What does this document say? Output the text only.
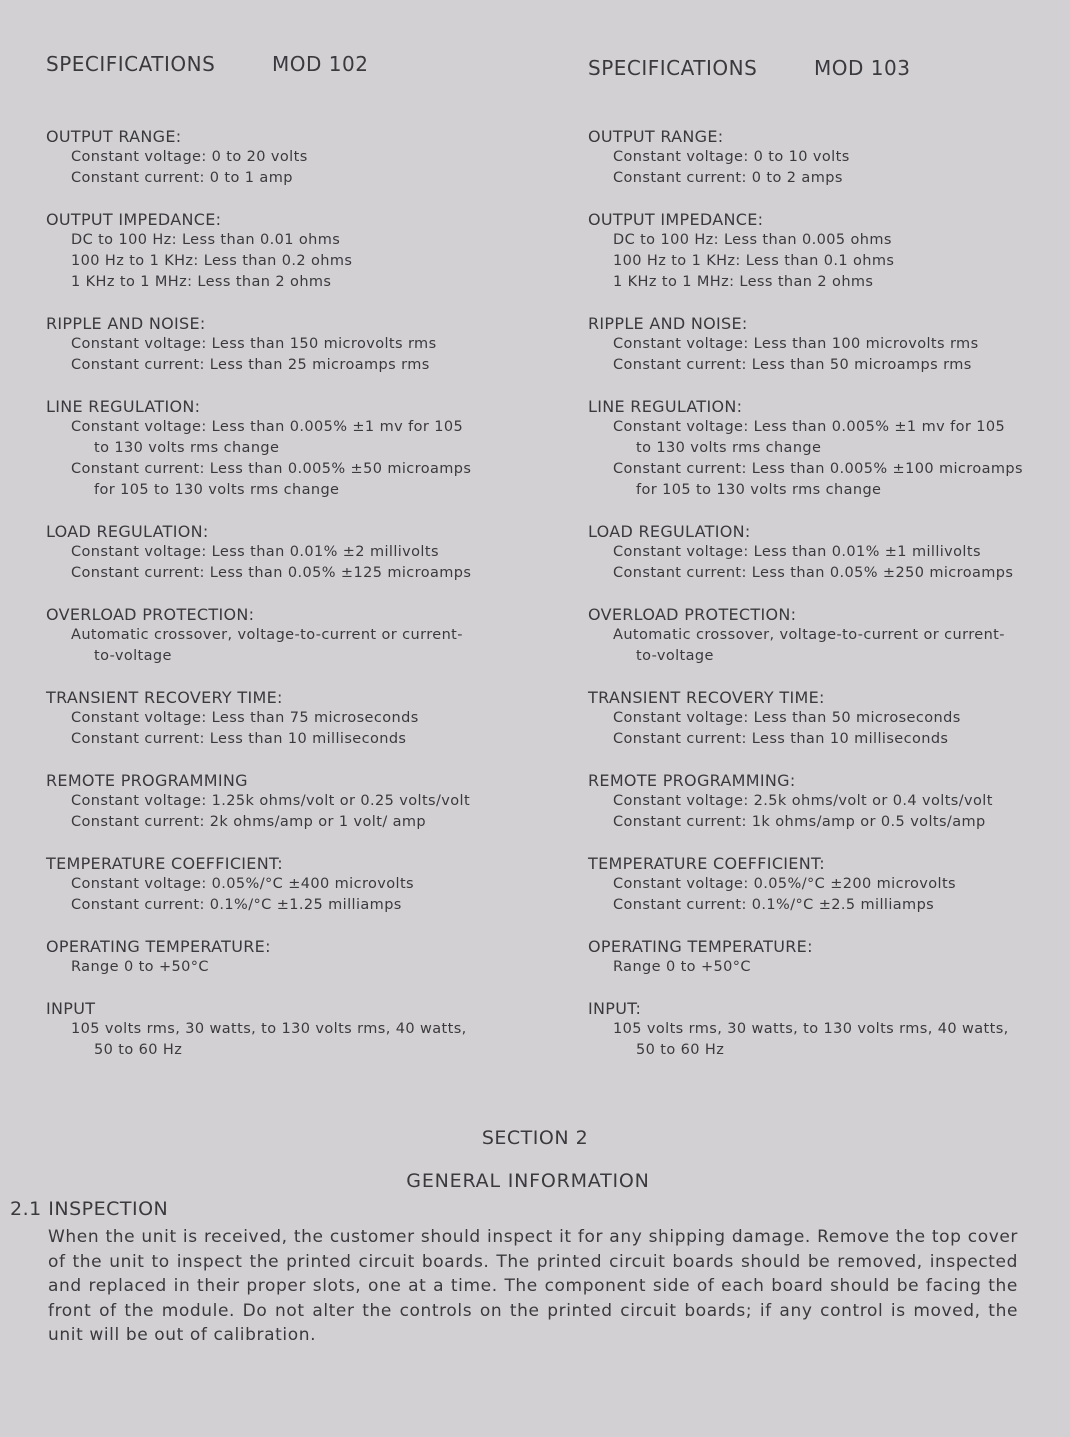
SPECIFICATIONS	MOD 102
OUTPUT RANGE:
Constant voltage: 0 to 20 volts
Constant current: 0 to 1 amp
OUTPUT IMPEDANCE:
DC to 100 Hz: Less than 0.01 ohms
100 Hz to 1 KHz: Less than 0.2 ohms
1 KHz to 1 MHz: Less than 2 ohms
RIPPLE AND NOISE:
Constant voltage: Less than 150 microvolts rms
Constant current: Less than 25 microamps rms
LINE REGULATION:
Constant voltage: Less than 0.005% ±1 mv for 105
to 130 volts rms change
Constant current: Less than 0.005% ±50 microamps
for 105 to 130 volts rms change
LOAD REGULATION:
Constant voltage: Less than 0.01% ±2 millivolts
Constant current: Less than 0.05% ±125 microamps
OVERLOAD PROTECTION:
Automatic crossover, voltage-to-current or current-
to-voltage
TRANSIENT RECOVERY TIME:
Constant voltage: Less than 75 microseconds
Constant current: Less than 10 milliseconds
REMOTE PROGRAMMING
Constant voltage: 1.25k ohms/volt or 0.25 volts/volt
Constant current: 2k ohms/amp or 1 volt/ amp
TEMPERATURE COEFFICIENT:
Constant voltage: 0.05%/°C ±400 microvolts
Constant current: 0.1%/°C ±1.25 milliamps
OPERATING TEMPERATURE:
Range 0 to +50°C
INPUT
105 volts rms, 30 watts, to 130 volts rms, 40 watts,
50 to 60 Hz
SPECIFICATIONS	MOD 103
OUTPUT RANGE:
Constant voltage: 0 to 10 volts
Constant current: 0 to 2 amps
OUTPUT IMPEDANCE:
DC to 100 Hz: Less than 0.005 ohms
100 Hz to 1 KHz: Less than 0.1 ohms
1 KHz to 1 MHz: Less than 2 ohms
RIPPLE AND NOISE:
Constant voltage: Less than 100 microvolts rms
Constant current: Less than 50 microamps rms
LINE REGULATION:
Constant voltage: Less than 0.005% ±1 mv for 105
to 130 volts rms change
Constant current: Less than 0.005% ±100 microamps
for 105 to 130 volts rms change
LOAD REGULATION:
Constant voltage: Less than 0.01% ±1 millivolts
Constant current: Less than 0.05% ±250 microamps
OVERLOAD PROTECTION:
Automatic crossover, voltage-to-current or current-
to-voltage
TRANSIENT RECOVERY TIME:
Constant voltage: Less than 50 microseconds
Constant current: Less than 10 milliseconds
REMOTE PROGRAMMING:
Constant voltage: 2.5k ohms/volt or 0.4 volts/volt
Constant current: 1k ohms/amp or 0.5 volts/amp
TEMPERATURE COEFFICIENT:
Constant voltage: 0.05%/°C ±200 microvolts
Constant current: 0.1%/°C ±2.5 milliamps
OPERATING TEMPERATURE:
Range 0 to +50°C
INPUT:
105 volts rms, 30 watts, to 130 volts rms, 40 watts,
50 to 60 Hz
SECTION 2
GENERAL INFORMATION
2.1 INSPECTION
When the unit is received, the customer should inspect it for any shipping damage. Remove the top cover of the unit to inspect the printed circuit boards. The printed circuit boards should be removed, inspected and replaced in their proper slots, one at a time. The component side of each board should be facing the front of the module. Do not alter the controls on the printed circuit boards; if any control is moved, the unit will be out of calibration.
